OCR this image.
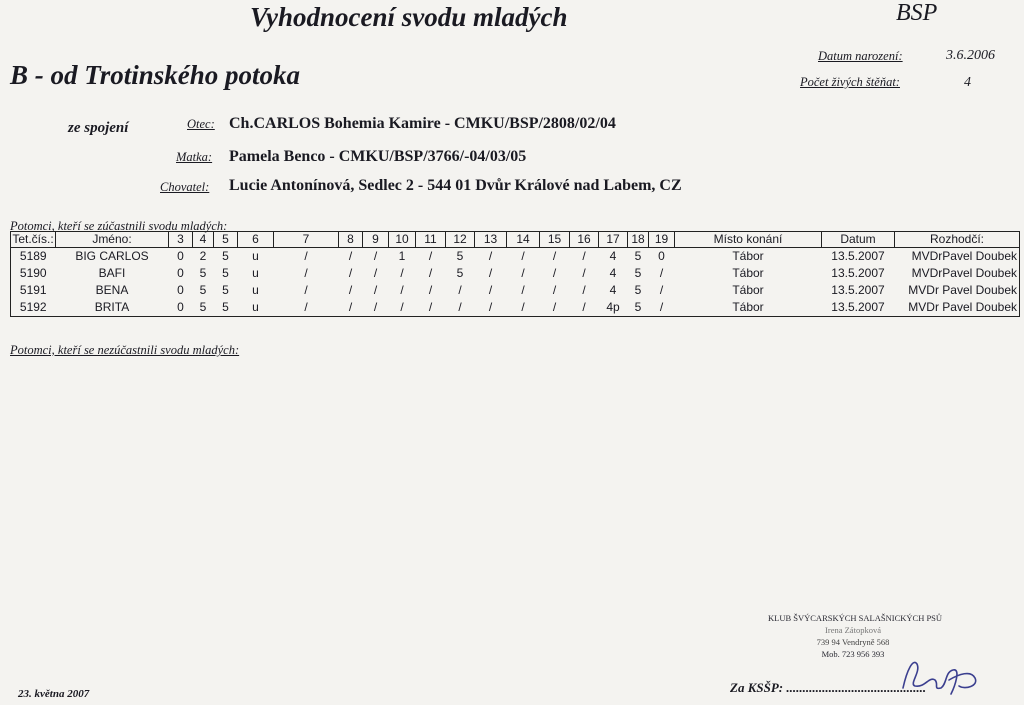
Vyhodnocení svodu mladých	BSP
B - od Trotinského potoka
Datum narození:	3.6.2006
Počet živých štěňat:	4
ze spojení	Otec: Ch.CARLOS Bohemia Kamire - CMKU/BSP/2808/02/04
Matka: Pamela Benco - CMKU/BSP/3766/-04/03/05
Chovatel: Lucie Antonínová, Sedlec 2 - 544 01 Dvůr Králové nad Labem, CZ
Potomci, kteří se zúčastnili svodu mladých:
Tet.čís.:	Jméno:	3	4	5	6	7	8	9	10	11	12	13	14	15	16	17	18	19	Místo konání	Datum	Rozhodčí:
5189	BIG CARLOS	0	2	5	u	/	/	/	1	/	5	/	/	/	/	4	5	0	Tábor	13.5.2007	MVDrPavel Doubek
5190	BAFI	0	5	5	u	/	/	/	/	/	5	/	/	/	/	4	5	/	Tábor	13.5.2007	MVDrPavel Doubek
5191	BENA	0	5	5	u	/	/	/	/	/	/	/	/	/	/	4	5	/	Tábor	13.5.2007	MVDr Pavel Doubek
5192	BRITA	0	5	5	u	/	/	/	/	/	/	/	/	/	/	4p	5	/	Tábor	13.5.2007	MVDr Pavel Doubek
Potomci, kteří se nezúčastnili svodu mladých:
KLUB ŠVÝCARSKÝCH SALAŠNICKÝCH PSŮ
Irena Zátopková
739 94 Vendryně 568
Mob. 723 956 393
23. května 2007	Za KSŠP: ...........................................
